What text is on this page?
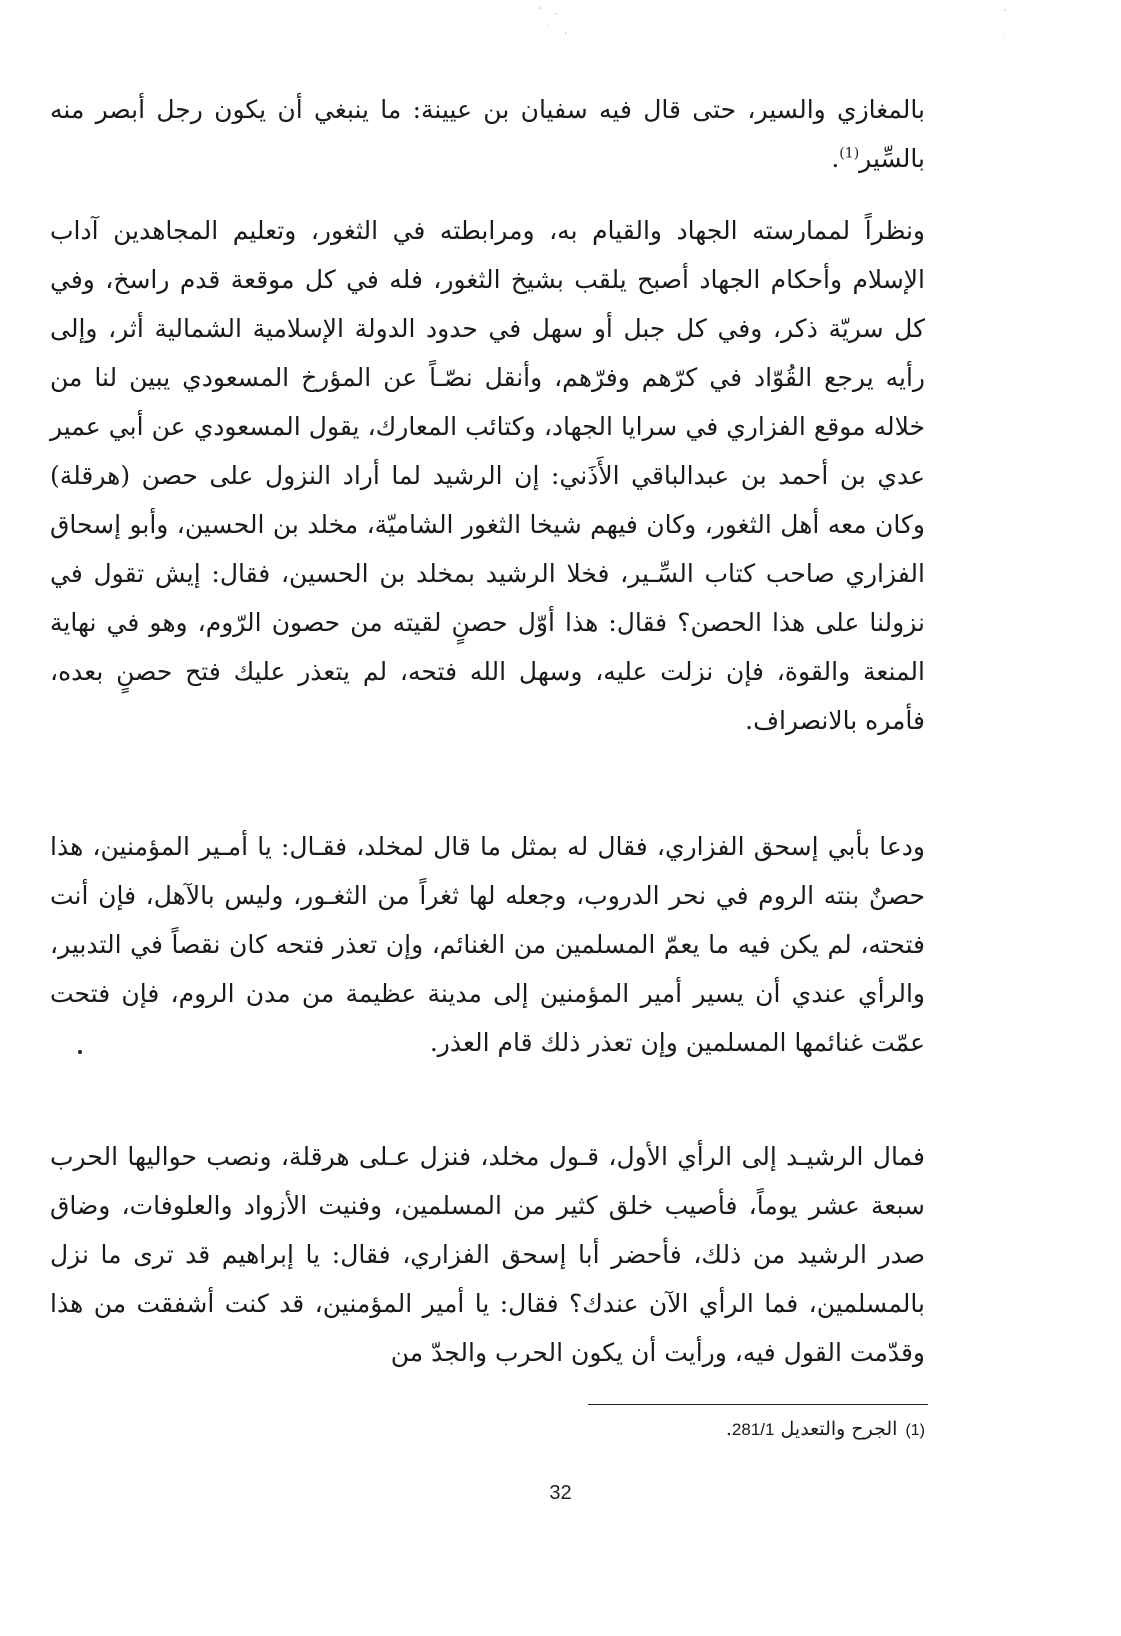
بالمغازي والسير، حتى قال فيه سفيان بن عيينة: ما ينبغي أن يكون رجل أبصر منه بالسِّير$^{(1)}$.

ونظراً لممارسته الجهاد والقيام به، ومرابطته في الثغور، وتعليم المجاهدين آداب الإسلام وأحكام الجهاد أصبح يلقب بشيخ الثغور، فله في كل موقعة قدم راسخ، وفي كل سريّة ذكر، وفي كل جبل أو سهل في حدود الدولة الإسلامية الشمالية أثر، وإلى رأيه يرجع القُوّاد في كرّهم وفرّهم، وأنقل نصّـاً عن المؤرخ المسعودي يبين لنا من خلاله موقع الفزاري في سرايا الجهاد، وكتائب المعارك، يقول المسعودي عن أبي عمير عدي بن أحمد بن عبدالباقي الأَذَني: إن الرشيد لما أراد النزول على حصن (هرقلة) وكان معه أهل الثغور، وكان فيهم شيخا الثغور الشاميّة، مخلد بن الحسين، وأبو إسحاق الفزاري صاحب كتاب السِّـير، فخلا الرشيد بمخلد بن الحسين، فقال: إيش تقول في نزولنا على هذا الحصن؟ فقال: هذا أوّل حصنٍ لقيته من حصون الرّوم، وهو في نهاية المنعة والقوة، فإن نزلت عليه، وسهل الله فتحه، لم يتعذر عليك فتح حصنٍ بعده، فأمره بالانصراف.

ودعا بأبي إسحق الفزاري، فقال له بمثل ما قال لمخلد، فقـال: يا أمـير المؤمنين، هذا حصنٌ بنته الروم في نحر الدروب، وجعله لها ثغراً من الثغـور، وليس بالآهل، فإن أنت فتحته، لم يكن فيه ما يعمّ المسلمين من الغنائم، وإن تعذر فتحه كان نقصاً في التدبير، والرأي عندي أن يسير أمير المؤمنين إلى مدينة عظيمة من مدن الروم، فإن فتحت عمّت غنائمها المسلمين وإن تعذر ذلك قام العذر.

فمال الرشيـد إلى الرأي الأول، قـول مخلد، فنزل عـلى هرقلة، ونصب حواليها الحرب سبعة عشر يوماً، فأصيب خلق كثير من المسلمين، وفنيت الأزواد والعلوفات، وضاق صدر الرشيد من ذلك، فأحضر أبا إسحق الفزاري، فقال: يا إبراهيم قد ترى ما نزل بالمسلمين، فما الرأي الآن عندك؟ فقال: يا أمير المؤمنين، قد كنت أشفقت من هذا وقدّمت القول فيه، ورأيت أن يكون الحرب والجدّ من

(1)الجرح والتعديل 281/1.
32
